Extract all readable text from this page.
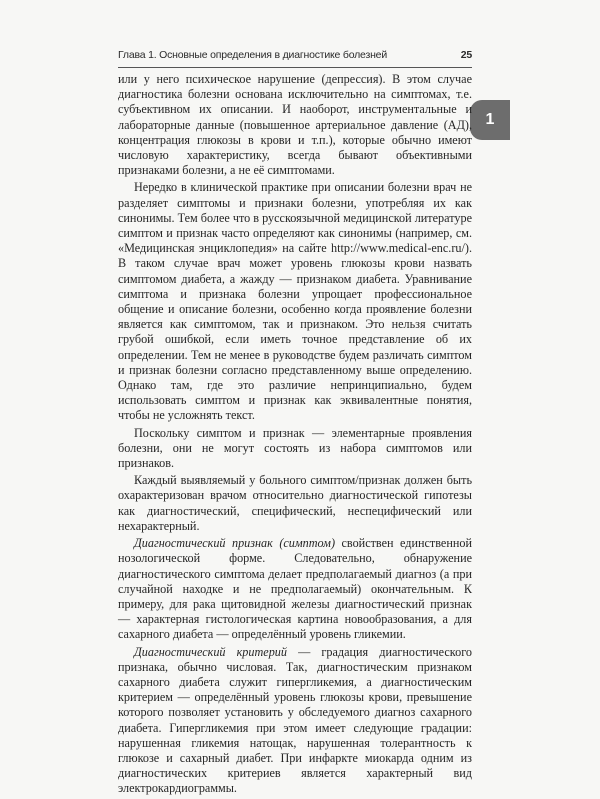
Глава 1. Основные определения в диагностике болезней	25
1

или у него психическое нарушение (депрессия). В этом случае диагностика болезни основана исключительно на симптомах, т.е. субъективном их описании. И наоборот, инструментальные и лабораторные данные (повышенное артериальное давление (АД), концентрация глюкозы в крови и т.п.), которые обычно имеют числовую характеристику, всегда бывают объективными признаками болезни, а не её симптомами.

Нередко в клинической практике при описании болезни врач не разделяет симптомы и признаки болезни, употребляя их как синонимы. Тем более что в русскоязычной медицинской литературе симптом и признак часто определяют как синонимы (например, см. «Медицинская энциклопедия» на сайте http://www.medical-enc.ru/). В таком случае врач может уровень глюкозы крови назвать симптомом диабета, а жажду — признаком диабета. Уравнивание симптома и признака болезни упрощает профессиональное общение и описание болезни, особенно когда проявление болезни является как симптомом, так и признаком. Это нельзя считать грубой ошибкой, если иметь точное представление об их определении. Тем не менее в руководстве будем различать симптом и признак болезни согласно представленному выше определению. Однако там, где это различие непринципиально, будем использовать симптом и признак как эквивалентные понятия, чтобы не усложнять текст.

Поскольку симптом и признак — элементарные проявления болезни, они не могут состоять из набора симптомов или признаков.

Каждый выявляемый у больного симптом/признак должен быть охарактеризован врачом относительно диагностической гипотезы как диагностический, специфический, неспецифический или нехарактерный.

Диагностический признак (симптом) свойствен единственной нозологической форме. Следовательно, обнаружение диагностического симптома делает предполагаемый диагноз (а при случайной находке и не предполагаемый) окончательным. К примеру, для рака щитовидной железы диагностический признак — характерная гистологическая картина новообразования, а для сахарного диабета — определённый уровень гликемии.

Диагностический критерий — градация диагностического признака, обычно числовая. Так, диагностическим признаком сахарного диабета служит гипергликемия, а диагностическим критерием — определённый уровень глюкозы крови, превышение которого позволяет установить у обследуемого диагноз сахарного диабета. Гипергликемия при этом имеет следующие градации: нарушенная гликемия натощак, нарушенная толерантность к глюкозе и сахарный диабет. При инфаркте миокарда одним из диагностических критериев является характерный вид электрокардиограммы.
